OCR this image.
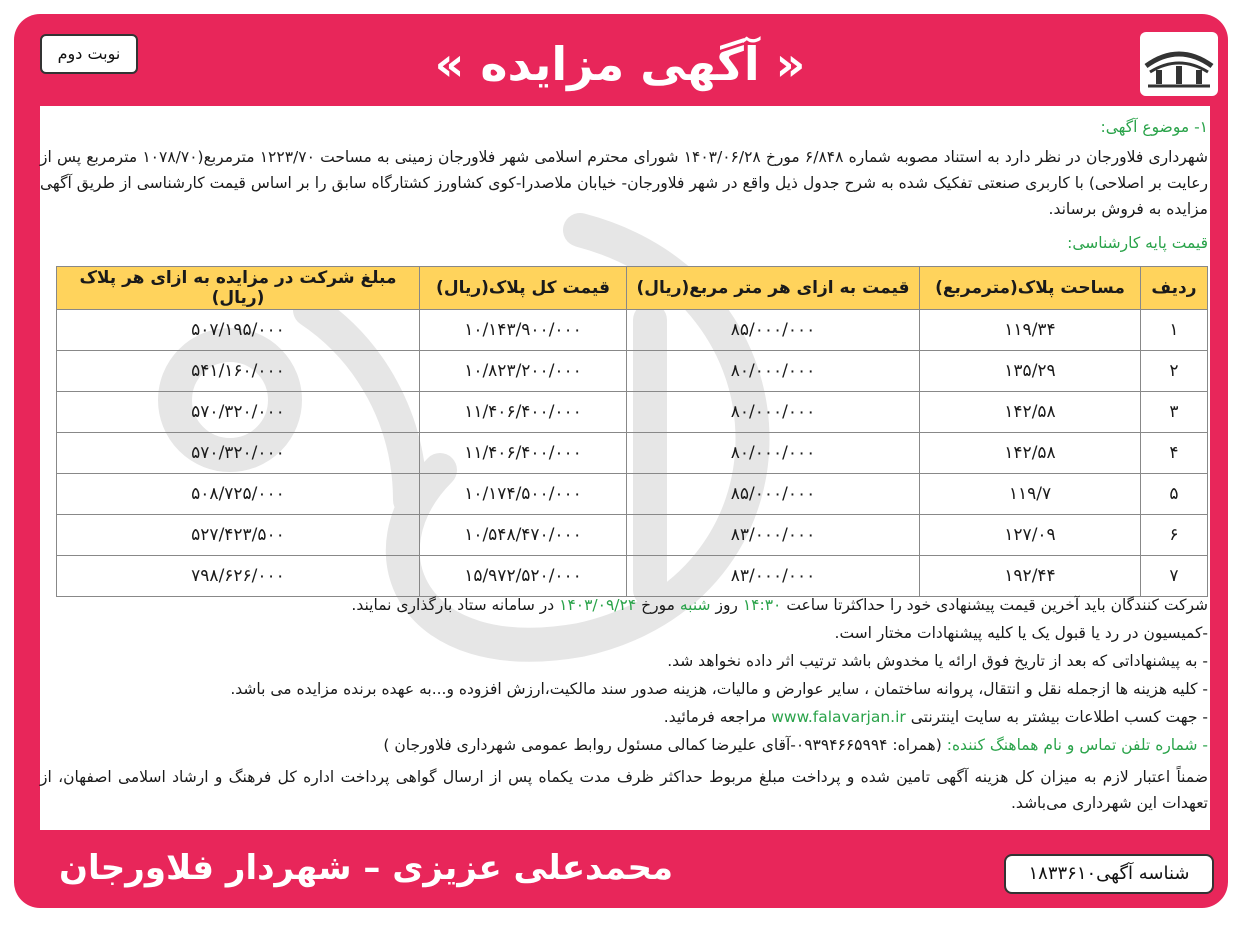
« آگهی مزایده »
نوبت دوم
۱- موضوع آگهی:
شهرداری فلاورجان در نظر دارد به استناد مصوبه شماره ۶/۸۴۸ مورخ ۱۴۰۳/۰۶/۲۸ شورای محترم اسلامی شهر فلاورجان زمینی به مساحت ۱۲۲۳/۷۰ مترمربع(۱۰۷۸/۷۰ مترمربع پس از رعایت بر اصلاحی) با کاربری صنعتی تفکیک شده به شرح جدول ذیل واقع در شهر فلاورجان- خیابان ملاصدرا-کوی کشاورز کشتارگاه سابق را بر اساس قیمت کارشناسی از طریق آگهی مزایده به فروش برساند.
قیمت پایه کارشناسی:
ردیف	مساحت پلاک(مترمربع)	قیمت به ازای هر متر مربع(ریال)	قیمت کل پلاک(ریال)	مبلغ شرکت در مزایده به ازای هر پلاک (ریال)
۱	۱۱۹/۳۴	۸۵/۰۰۰/۰۰۰	۱۰/۱۴۳/۹۰۰/۰۰۰	۵۰۷/۱۹۵/۰۰۰
۲	۱۳۵/۲۹	۸۰/۰۰۰/۰۰۰	۱۰/۸۲۳/۲۰۰/۰۰۰	۵۴۱/۱۶۰/۰۰۰
۳	۱۴۲/۵۸	۸۰/۰۰۰/۰۰۰	۱۱/۴۰۶/۴۰۰/۰۰۰	۵۷۰/۳۲۰/۰۰۰
۴	۱۴۲/۵۸	۸۰/۰۰۰/۰۰۰	۱۱/۴۰۶/۴۰۰/۰۰۰	۵۷۰/۳۲۰/۰۰۰
۵	۱۱۹/۷	۸۵/۰۰۰/۰۰۰	۱۰/۱۷۴/۵۰۰/۰۰۰	۵۰۸/۷۲۵/۰۰۰
۶	۱۲۷/۰۹	۸۳/۰۰۰/۰۰۰	۱۰/۵۴۸/۴۷۰/۰۰۰	۵۲۷/۴۲۳/۵۰۰
۷	۱۹۲/۴۴	۸۳/۰۰۰/۰۰۰	۱۵/۹۷۲/۵۲۰/۰۰۰	۷۹۸/۶۲۶/۰۰۰
شرکت کنندگان باید آخرین قیمت پیشنهادی خود را حداکثرتا ساعت ۱۴:۳۰ روز شنبه مورخ ۱۴۰۳/۰۹/۲۴ در سامانه ستاد بارگذاری نمایند.
-کمیسیون در رد یا قبول یک یا کلیه پیشنهادات مختار است.
- به پیشنهاداتی که بعد از تاریخ فوق ارائه یا مخدوش باشد ترتیب اثر داده نخواهد شد.
- کلیه هزینه ها ازجمله نقل و انتقال، پروانه ساختمان ، سایر عوارض و مالیات، هزینه صدور سند مالکیت،ارزش افزوده و...به عهده برنده مزایده می باشد.
- جهت کسب اطلاعات بیشتر به سایت اینترنتی www.falavarjan.ir مراجعه فرمائید.
- شماره تلفن تماس و نام هماهنگ کننده: (همراه: ۰۹۳۹۴۶۶۵۹۹۴-آقای علیرضا کمالی مسئول روابط عمومی شهرداری فلاورجان )
ضمناً اعتبار لازم به میزان کل هزینه آگهی تامین شده و پرداخت مبلغ مربوط حداکثر ظرف مدت یکماه پس از ارسال گواهی پرداخت اداره کل فرهنگ و ارشاد اسلامی اصفهان، از تعهدات این شهرداری می‌باشد.
شناسه آگهی۱۸۳۳۶۱۰
محمدعلی عزیزی – شهردار فلاورجان
